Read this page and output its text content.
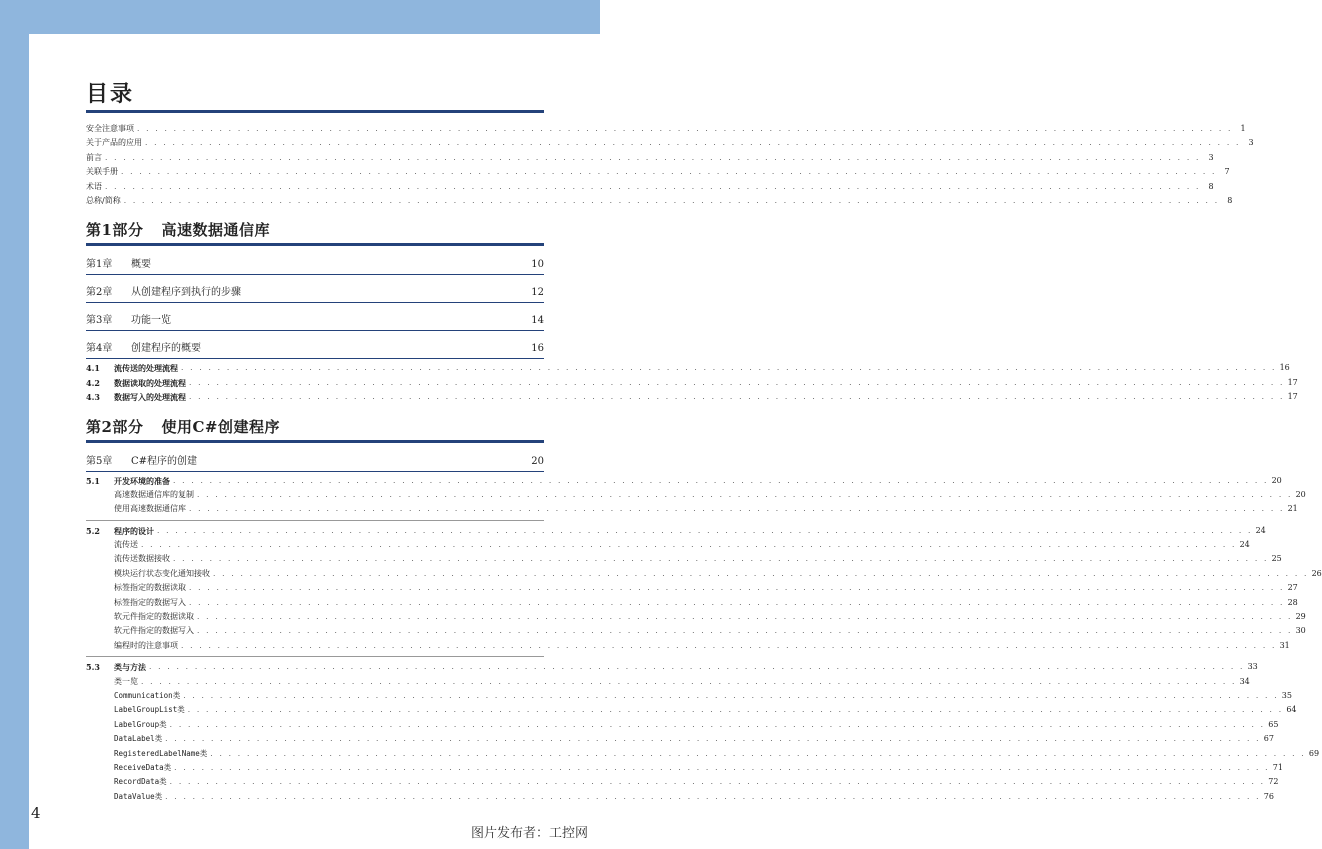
目录
安全注意事项 . . . . . . . . . . . . . . . . . . . . . . . . . . . . . . . . . . . . . . . . . . . . . . . . . . . . . . . . . . . . . . . . . . . . . . . . . . . . . . . . . . . . . . . . . . . . . . . . . . . . . . . . . . . . . . . . . . . . . . . . 1
关于产品的应用 . . . . . . . . . . . . . . . . . . . . . . . . . . . . . . . . . . . . . . . . . . . . . . . . . . . . . . . . . . . . . . . . . . . . . . . . . . . . . . . . . . . . . . . . . . . . . . . . . . . . . . . . . . . . . . . . . . . . . . . . 3
前言 . . . . . . . . . . . . . . . . . . . . . . . . . . . . . . . . . . . . . . . . . . . . . . . . . . . . . . . . . . . . . . . . . . . . . . . . . . . . . . . . . . . . . . . . . . . . . . . . . . . . . . . . . . . . . . . . . . . . . . . . 3
关联手册 . . . . . . . . . . . . . . . . . . . . . . . . . . . . . . . . . . . . . . . . . . . . . . . . . . . . . . . . . . . . . . . . . . . . . . . . . . . . . . . . . . . . . . . . . . . . . . . . . . . . . . . . . . . . . . . . . . . . . . . . 7
术语 . . . . . . . . . . . . . . . . . . . . . . . . . . . . . . . . . . . . . . . . . . . . . . . . . . . . . . . . . . . . . . . . . . . . . . . . . . . . . . . . . . . . . . . . . . . . . . . . . . . . . . . . . . . . . . . . . . . . . . . . 8
总称/简称 . . . . . . . . . . . . . . . . . . . . . . . . . . . . . . . . . . . . . . . . . . . . . . . . . . . . . . . . . . . . . . . . . . . . . . . . . . . . . . . . . . . . . . . . . . . . . . . . . . . . . . . . . . . . . . . . . . . . . . . . 8
第1部分 高速数据通信库
第1章	概要	10
第2章	从创建程序到执行的步骤	12
第3章	功能一览	14
第4章	创建程序的概要	16
4.1	流传送的处理流程 . . . . . . . . . . . . . . . . . . . . . . . . . . . . . . . . . . . . . . . . . . . . . . . . . . . . . . . . . . . . . . . . . . . . . . . . . . . . . . . . . . . . . . . . . . . . . . . . . . . . . . . . . . . . . . . . . . . . . . . . 16
4.2	数据读取的处理流程 . . . . . . . . . . . . . . . . . . . . . . . . . . . . . . . . . . . . . . . . . . . . . . . . . . . . . . . . . . . . . . . . . . . . . . . . . . . . . . . . . . . . . . . . . . . . . . . . . . . . . . . . . . . . . . . . . . . . . . . . 17
4.3	数据写入的处理流程 . . . . . . . . . . . . . . . . . . . . . . . . . . . . . . . . . . . . . . . . . . . . . . . . . . . . . . . . . . . . . . . . . . . . . . . . . . . . . . . . . . . . . . . . . . . . . . . . . . . . . . . . . . . . . . . . . . . . . . . . 17
第2部分 使用C#创建程序
第5章	C#程序的创建	20
5.1	开发环境的准备 . . . . . . . . . . . . . . . . . . . . . . . . . . . . . . . . . . . . . . . . . . . . . . . . . . . . . . . . . . . . . . . . . . . . . . . . . . . . . . . . . . . . . . . . . . . . . . . . . . . . . . . . . . . . . . . . . . . . . . . . 20
高速数据通信库的复制 . . . . . . . . . . . . . . . . . . . . . . . . . . . . . . . . . . . . . . . . . . . . . . . . . . . . . . . . . . . . . . . . . . . . . . . . . . . . . . . . . . . . . . . . . . . . . . . . . . . . . . . . . . . . . . . . . . . . . . . . 20
使用高速数据通信库 . . . . . . . . . . . . . . . . . . . . . . . . . . . . . . . . . . . . . . . . . . . . . . . . . . . . . . . . . . . . . . . . . . . . . . . . . . . . . . . . . . . . . . . . . . . . . . . . . . . . . . . . . . . . . . . . . . . . . . . . 21
5.2	程序的设计 . . . . . . . . . . . . . . . . . . . . . . . . . . . . . . . . . . . . . . . . . . . . . . . . . . . . . . . . . . . . . . . . . . . . . . . . . . . . . . . . . . . . . . . . . . . . . . . . . . . . . . . . . . . . . . . . . . . . . . . . 24
流传送 . . . . . . . . . . . . . . . . . . . . . . . . . . . . . . . . . . . . . . . . . . . . . . . . . . . . . . . . . . . . . . . . . . . . . . . . . . . . . . . . . . . . . . . . . . . . . . . . . . . . . . . . . . . . . . . . . . . . . . . . 24
流传送数据接收 . . . . . . . . . . . . . . . . . . . . . . . . . . . . . . . . . . . . . . . . . . . . . . . . . . . . . . . . . . . . . . . . . . . . . . . . . . . . . . . . . . . . . . . . . . . . . . . . . . . . . . . . . . . . . . . . . . . . . . . . 25
模块运行状态变化通知接收 . . . . . . . . . . . . . . . . . . . . . . . . . . . . . . . . . . . . . . . . . . . . . . . . . . . . . . . . . . . . . . . . . . . . . . . . . . . . . . . . . . . . . . . . . . . . . . . . . . . . . . . . . . . . . . . . . . . . . . . . 26
标签指定的数据读取 . . . . . . . . . . . . . . . . . . . . . . . . . . . . . . . . . . . . . . . . . . . . . . . . . . . . . . . . . . . . . . . . . . . . . . . . . . . . . . . . . . . . . . . . . . . . . . . . . . . . . . . . . . . . . . . . . . . . . . . . 27
标签指定的数据写入 . . . . . . . . . . . . . . . . . . . . . . . . . . . . . . . . . . . . . . . . . . . . . . . . . . . . . . . . . . . . . . . . . . . . . . . . . . . . . . . . . . . . . . . . . . . . . . . . . . . . . . . . . . . . . . . . . . . . . . . . 28
软元件指定的数据读取 . . . . . . . . . . . . . . . . . . . . . . . . . . . . . . . . . . . . . . . . . . . . . . . . . . . . . . . . . . . . . . . . . . . . . . . . . . . . . . . . . . . . . . . . . . . . . . . . . . . . . . . . . . . . . . . . . . . . . . . . 29
软元件指定的数据写入 . . . . . . . . . . . . . . . . . . . . . . . . . . . . . . . . . . . . . . . . . . . . . . . . . . . . . . . . . . . . . . . . . . . . . . . . . . . . . . . . . . . . . . . . . . . . . . . . . . . . . . . . . . . . . . . . . . . . . . . . 30
编程时的注意事项 . . . . . . . . . . . . . . . . . . . . . . . . . . . . . . . . . . . . . . . . . . . . . . . . . . . . . . . . . . . . . . . . . . . . . . . . . . . . . . . . . . . . . . . . . . . . . . . . . . . . . . . . . . . . . . . . . . . . . . . . 31
5.3	类与方法 . . . . . . . . . . . . . . . . . . . . . . . . . . . . . . . . . . . . . . . . . . . . . . . . . . . . . . . . . . . . . . . . . . . . . . . . . . . . . . . . . . . . . . . . . . . . . . . . . . . . . . . . . . . . . . . . . . . . . . . . 33
类一览 . . . . . . . . . . . . . . . . . . . . . . . . . . . . . . . . . . . . . . . . . . . . . . . . . . . . . . . . . . . . . . . . . . . . . . . . . . . . . . . . . . . . . . . . . . . . . . . . . . . . . . . . . . . . . . . . . . . . . . . . 34
Communication类 . . . . . . . . . . . . . . . . . . . . . . . . . . . . . . . . . . . . . . . . . . . . . . . . . . . . . . . . . . . . . . . . . . . . . . . . . . . . . . . . . . . . . . . . . . . . . . . . . . . . . . . . . . . . . . . . . . . . . . . . 35
LabelGroupList类 . . . . . . . . . . . . . . . . . . . . . . . . . . . . . . . . . . . . . . . . . . . . . . . . . . . . . . . . . . . . . . . . . . . . . . . . . . . . . . . . . . . . . . . . . . . . . . . . . . . . . . . . . . . . . . . . . . . . . . . . 64
LabelGroup类 . . . . . . . . . . . . . . . . . . . . . . . . . . . . . . . . . . . . . . . . . . . . . . . . . . . . . . . . . . . . . . . . . . . . . . . . . . . . . . . . . . . . . . . . . . . . . . . . . . . . . . . . . . . . . . . . . . . . . . . . 65
DataLabel类 . . . . . . . . . . . . . . . . . . . . . . . . . . . . . . . . . . . . . . . . . . . . . . . . . . . . . . . . . . . . . . . . . . . . . . . . . . . . . . . . . . . . . . . . . . . . . . . . . . . . . . . . . . . . . . . . . . . . . . . . 67
RegisteredLabelName类 . . . . . . . . . . . . . . . . . . . . . . . . . . . . . . . . . . . . . . . . . . . . . . . . . . . . . . . . . . . . . . . . . . . . . . . . . . . . . . . . . . . . . . . . . . . . . . . . . . . . . . . . . . . . . . . . . . . . . . . . 69
ReceiveData类 . . . . . . . . . . . . . . . . . . . . . . . . . . . . . . . . . . . . . . . . . . . . . . . . . . . . . . . . . . . . . . . . . . . . . . . . . . . . . . . . . . . . . . . . . . . . . . . . . . . . . . . . . . . . . . . . . . . . . . . . 71
RecordData类 . . . . . . . . . . . . . . . . . . . . . . . . . . . . . . . . . . . . . . . . . . . . . . . . . . . . . . . . . . . . . . . . . . . . . . . . . . . . . . . . . . . . . . . . . . . . . . . . . . . . . . . . . . . . . . . . . . . . . . . . 72
DataValue类 . . . . . . . . . . . . . . . . . . . . . . . . . . . . . . . . . . . . . . . . . . . . . . . . . . . . . . . . . . . . . . . . . . . . . . . . . . . . . . . . . . . . . . . . . . . . . . . . . . . . . . . . . . . . . . . . . . . . . . . . 76
4
图片发布者：工控网
